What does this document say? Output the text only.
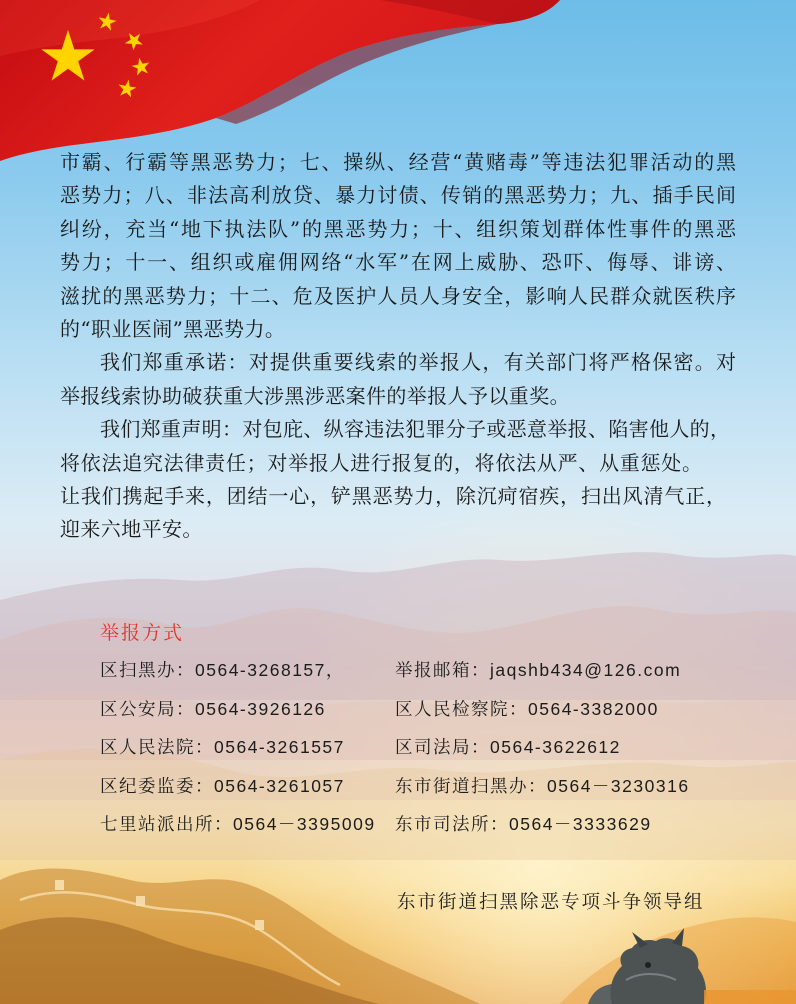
市霸、行霸等黑恶势力；七、操纵、经营“黄赌毒”等违法犯罪活动的黑
恶势力；八、非法高利放贷、暴力讨债、传销的黑恶势力；九、插手民间
纠纷，充当“地下执法队”的黑恶势力；十、组织策划群体性事件的黑恶
势力；十一、组织或雇佣网络“水军”在网上威胁、恐吓、侮辱、诽谤、
滋扰的黑恶势力；十二、危及医护人员人身安全，影响人民群众就医秩序
的“职业医闹”黑恶势力。
我们郑重承诺：对提供重要线索的举报人，有关部门将严格保密。对
举报线索协助破获重大涉黑涉恶案件的举报人予以重奖。
我们郑重声明：对包庇、纵容违法犯罪分子或恶意举报、陷害他人的，
将依法追究法律责任；对举报人进行报复的，将依法从严、从重惩处。
让我们携起手来，团结一心，铲黑恶势力，除沉疴宿疾，扫出风清气正，
迎来六地平安。
举报方式
区扫黑办：0564-3268157，
区公安局：0564-3926126
区人民法院：0564-3261557
区纪委监委：0564-3261057
七里站派出所：0564－3395009
举报邮箱：jaqshb434@126.com
区人民检察院：0564-3382000
区司法局：0564-3622612
东市街道扫黑办：0564－3230316
东市司法所：0564－3333629
东市街道扫黑除恶专项斗争领导组
